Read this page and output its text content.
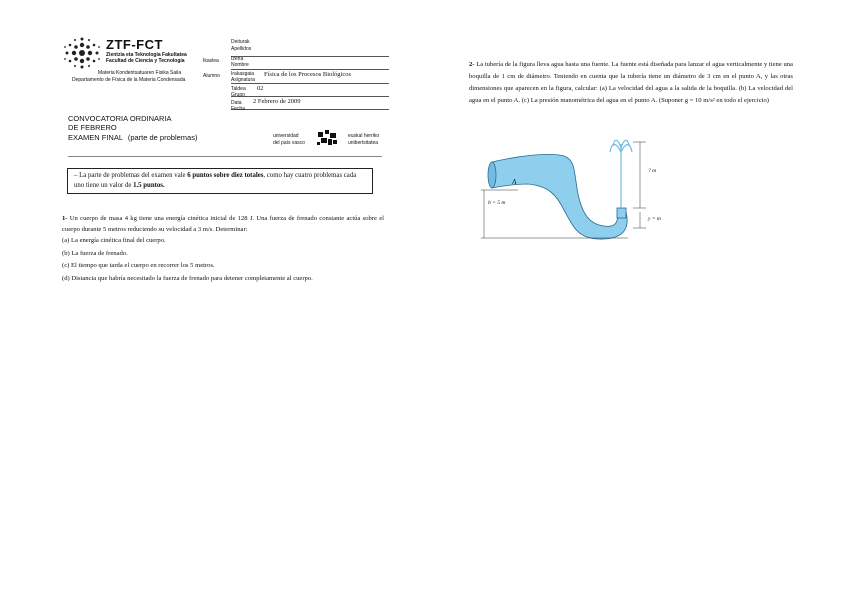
ZTF-FCT
Zientzia eta Teknologia Fakultatea
Facultad de Ciencia y Tecnología
Materia Kondentsatuaren Fisika Saila
Departamento de Física de la Materia Condensada
Ikaslea
Alumno
Deiturak
Apellidos
Izena
Nombre
Irakasgaia
Asignatura
Física de los Procesos Biológicos
Taldea
Grupo
02
Data
Fecha
2 Febrero de 2009
CONVOCATORIA ORDINARIA
DE FEBRERO
EXAMEN FINAL (parte de problemas)	universidad
del país vasco
euskal herriko
unibertsitatea
– La parte de problemas del examen vale 6 puntos sobre diez totales, como hay cuatro problemas cada uno tiene un valor de 1.5 puntos.

1- Un cuerpo de masa 4 kg tiene una energía cinética inicial de 128 J. Una fuerza de frenado constante actúa sobre el cuerpo durante 5 metros reduciendo su velocidad a 3 m/s. Determinar:

(a) La energía cinética final del cuerpo.

(b) La fuerza de frenado.

(c) El tiempo que tarda el cuerpo en recorrer los 5 metros.

(d) Distancia que habría necesitado la fuerza de frenado para detener completamente al cuerpo.

2- La tubería de la figura lleva agua hasta una fuente. La fuente está diseñada para lanzar el agua verticalmente y tiene una boquilla de 1 cm de diámetro. Teniendo en cuenta que la tubería tiene un diámetro de 3 cm en el punto A, y las otras dimensiones que aparecen en la figura, calcular: (a) La velocidad del agua a la salida de la boquilla. (b) La velocidad del agua en el punto A. (c) La presión manométrica del agua en el punto A. (Suponer g = 10 m/s² en todo el ejercicio)

A
h = 5 m
? m
y = m
